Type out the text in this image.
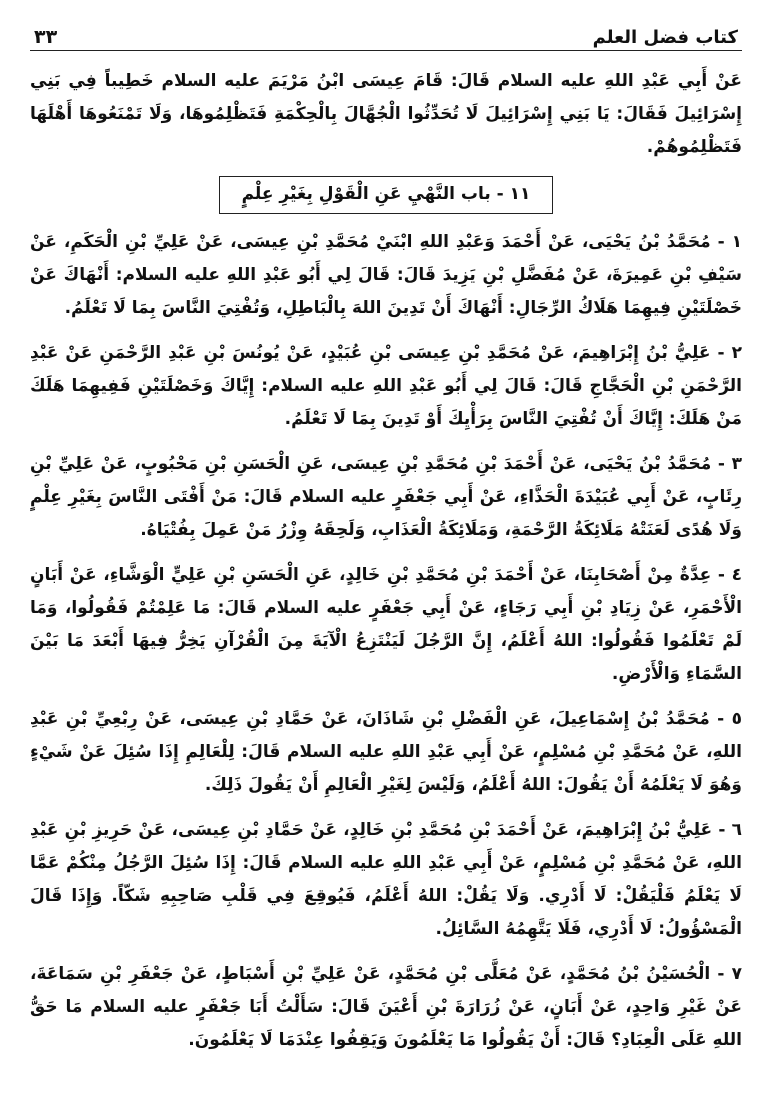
كتاب فضل العلم
٣٣

عَنْ أَبِي عَبْدِ اللهِ عليه السلام قَالَ: قَامَ عِيسَى ابْنُ مَرْيَمَ عليه السلام خَطِيباً فِي بَنِي إِسْرَائِيلَ فَقَالَ: يَا بَنِي إِسْرَائِيلَ لَا تُحَدِّثُوا الْجُهَّالَ بِالْحِكْمَةِ فَتَظْلِمُوهَا، وَلَا تَمْنَعُوهَا أَهْلَهَا فَتَظْلِمُوهُمْ.

١١ - باب النَّهْيِ عَنِ الْقَوْلِ بِغَيْرِ عِلْمٍ

١ - مُحَمَّدُ بْنُ يَحْيَى، عَنْ أَحْمَدَ وَعَبْدِ اللهِ ابْنَيْ مُحَمَّدِ بْنِ عِيسَى، عَنْ عَلِيِّ بْنِ الْحَكَمِ، عَنْ سَيْفِ بْنِ عَمِيرَةَ، عَنْ مُفَضَّلِ بْنِ يَزِيدَ قَالَ: قَالَ لِي أَبُو عَبْدِ اللهِ عليه السلام: أَنْهَاكَ عَنْ خَصْلَتَيْنِ فِيهِمَا هَلَاكُ الرِّجَالِ: أَنْهَاكَ أَنْ تَدِينَ اللهَ بِالْبَاطِلِ، وَتُفْتِيَ النَّاسَ بِمَا لَا تَعْلَمُ.

٢ - عَلِيُّ بْنُ إِبْرَاهِيمَ، عَنْ مُحَمَّدِ بْنِ عِيسَى بْنِ عُبَيْدٍ، عَنْ يُونُسَ بْنِ عَبْدِ الرَّحْمَنِ عَنْ عَبْدِ الرَّحْمَنِ بْنِ الْحَجَّاجِ قَالَ: قَالَ لِي أَبُو عَبْدِ اللهِ عليه السلام: إِيَّاكَ وَخَصْلَتَيْنِ فَفِيهِمَا هَلَكَ مَنْ هَلَكَ: إِيَّاكَ أَنْ تُفْتِيَ النَّاسَ بِرَأْيِكَ أَوْ تَدِينَ بِمَا لَا تَعْلَمُ.

٣ - مُحَمَّدُ بْنُ يَحْيَى، عَنْ أَحْمَدَ بْنِ مُحَمَّدِ بْنِ عِيسَى، عَنِ الْحَسَنِ بْنِ مَحْبُوبٍ، عَنْ عَلِيِّ بْنِ رِئَابٍ، عَنْ أَبِي عُبَيْدَةَ الْحَذَّاءِ، عَنْ أَبِي جَعْفَرٍ عليه السلام قَالَ: مَنْ أَفْتَى النَّاسَ بِغَيْرِ عِلْمٍ وَلَا هُدًى لَعَنَتْهُ مَلَائِكَةُ الرَّحْمَةِ، وَمَلَائِكَةُ الْعَذَابِ، وَلَحِقَهُ وِزْرُ مَنْ عَمِلَ بِفُتْيَاهُ.

٤ - عِدَّةٌ مِنْ أَصْحَابِنَا، عَنْ أَحْمَدَ بْنِ مُحَمَّدِ بْنِ خَالِدٍ، عَنِ الْحَسَنِ بْنِ عَلِيٍّ الْوَشَّاءِ، عَنْ أَبَانٍ الْأَحْمَرِ، عَنْ زِيَادِ بْنِ أَبِي رَجَاءٍ، عَنْ أَبِي جَعْفَرٍ عليه السلام قَالَ: مَا عَلِمْتُمْ فَقُولُوا، وَمَا لَمْ تَعْلَمُوا فَقُولُوا: اللهُ أَعْلَمُ، إِنَّ الرَّجُلَ لَيَنْتَزِعُ الْآيَةَ مِنَ الْقُرْآنِ يَخِرُّ فِيهَا أَبْعَدَ مَا بَيْنَ السَّمَاءِ وَالْأَرْضِ.

٥ - مُحَمَّدُ بْنُ إِسْمَاعِيلَ، عَنِ الْفَضْلِ بْنِ شَاذَانَ، عَنْ حَمَّادِ بْنِ عِيسَى، عَنْ رِبْعِيِّ بْنِ عَبْدِ اللهِ، عَنْ مُحَمَّدِ بْنِ مُسْلِمٍ، عَنْ أَبِي عَبْدِ اللهِ عليه السلام قَالَ: لِلْعَالِمِ إِذَا سُئِلَ عَنْ شَيْءٍ وَهُوَ لَا يَعْلَمُهُ أَنْ يَقُولَ: اللهُ أَعْلَمُ، وَلَيْسَ لِغَيْرِ الْعَالِمِ أَنْ يَقُولَ ذَلِكَ.

٦ - عَلِيُّ بْنُ إِبْرَاهِيمَ، عَنْ أَحْمَدَ بْنِ مُحَمَّدِ بْنِ خَالِدٍ، عَنْ حَمَّادِ بْنِ عِيسَى، عَنْ حَرِيزِ بْنِ عَبْدِ اللهِ، عَنْ مُحَمَّدِ بْنِ مُسْلِمٍ، عَنْ أَبِي عَبْدِ اللهِ عليه السلام قَالَ: إِذَا سُئِلَ الرَّجُلُ مِنْكُمْ عَمَّا لَا يَعْلَمُ فَلْيَقُلْ: لَا أَدْرِي. وَلَا يَقُلْ: اللهُ أَعْلَمُ، فَيُوقِعَ فِي قَلْبِ صَاحِبِهِ شَكّاً. وَإِذَا قَالَ الْمَسْؤُولُ: لَا أَدْرِي، فَلَا يَتَّهِمُهُ السَّائِلُ.

٧ - الْحُسَيْنُ بْنُ مُحَمَّدٍ، عَنْ مُعَلَّى بْنِ مُحَمَّدٍ، عَنْ عَلِيِّ بْنِ أَسْبَاطٍ، عَنْ جَعْفَرِ بْنِ سَمَاعَةَ، عَنْ غَيْرِ وَاحِدٍ، عَنْ أَبَانٍ، عَنْ زُرَارَةَ بْنِ أَعْيَنَ قَالَ: سَأَلْتُ أَبَا جَعْفَرٍ عليه السلام مَا حَقُّ اللهِ عَلَى الْعِبَادِ؟ قَالَ: أَنْ يَقُولُوا مَا يَعْلَمُونَ وَيَقِفُوا عِنْدَمَا لَا يَعْلَمُونَ.
